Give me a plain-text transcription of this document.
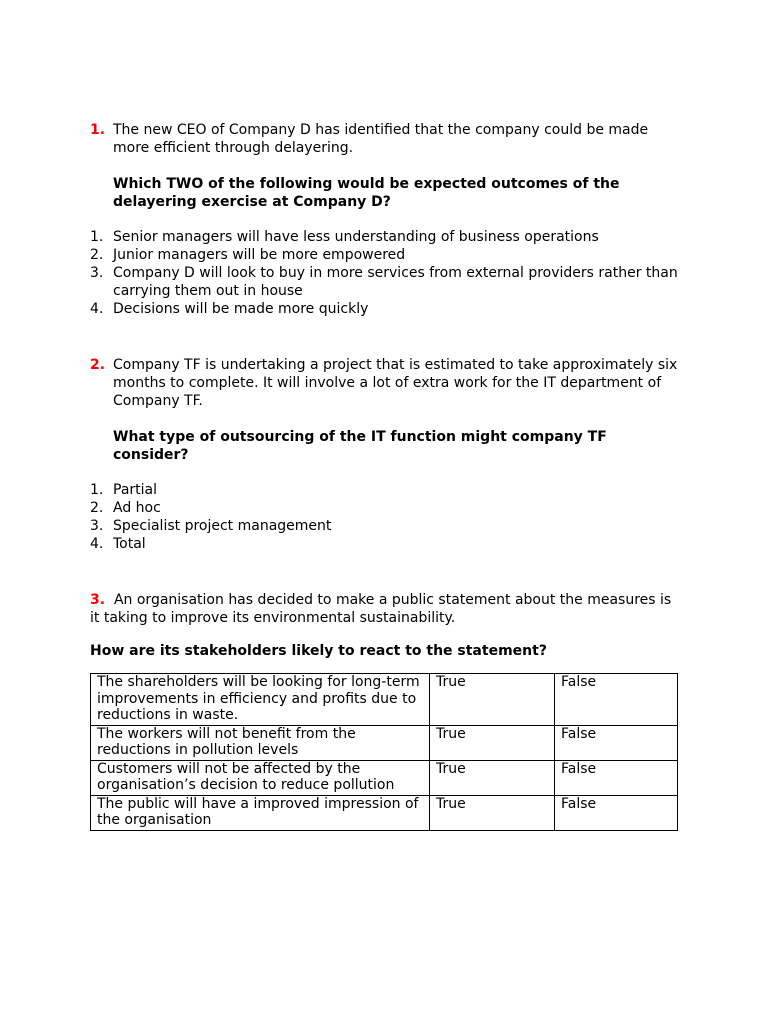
1. The new CEO of Company D has identified that the company could be made more efficient through delayering.
Which TWO of the following would be expected outcomes of the delayering exercise at Company D?
1. Senior managers will have less understanding of business operations
2. Junior managers will be more empowered
3. Company D will look to buy in more services from external providers rather than carrying them out in house
4. Decisions will be made more quickly
2. Company TF is undertaking a project that is estimated to take approximately six months to complete. It will involve a lot of extra work for the IT department of Company TF.
What type of outsourcing of the IT function might company TF consider?
1. Partial
2. Ad hoc
3. Specialist project management
4. Total
3. An organisation has decided to make a public statement about the measures is it taking to improve its environmental sustainability.
How are its stakeholders likely to react to the statement?
The shareholders will be looking for long-term improvements in efficiency and profits due to reductions in waste.	True	False
The workers will not benefit from the reductions in pollution levels	True	False
Customers will not be affected by the organisation’s decision to reduce pollution	True	False
The public will have a improved impression of the organisation	True	False
